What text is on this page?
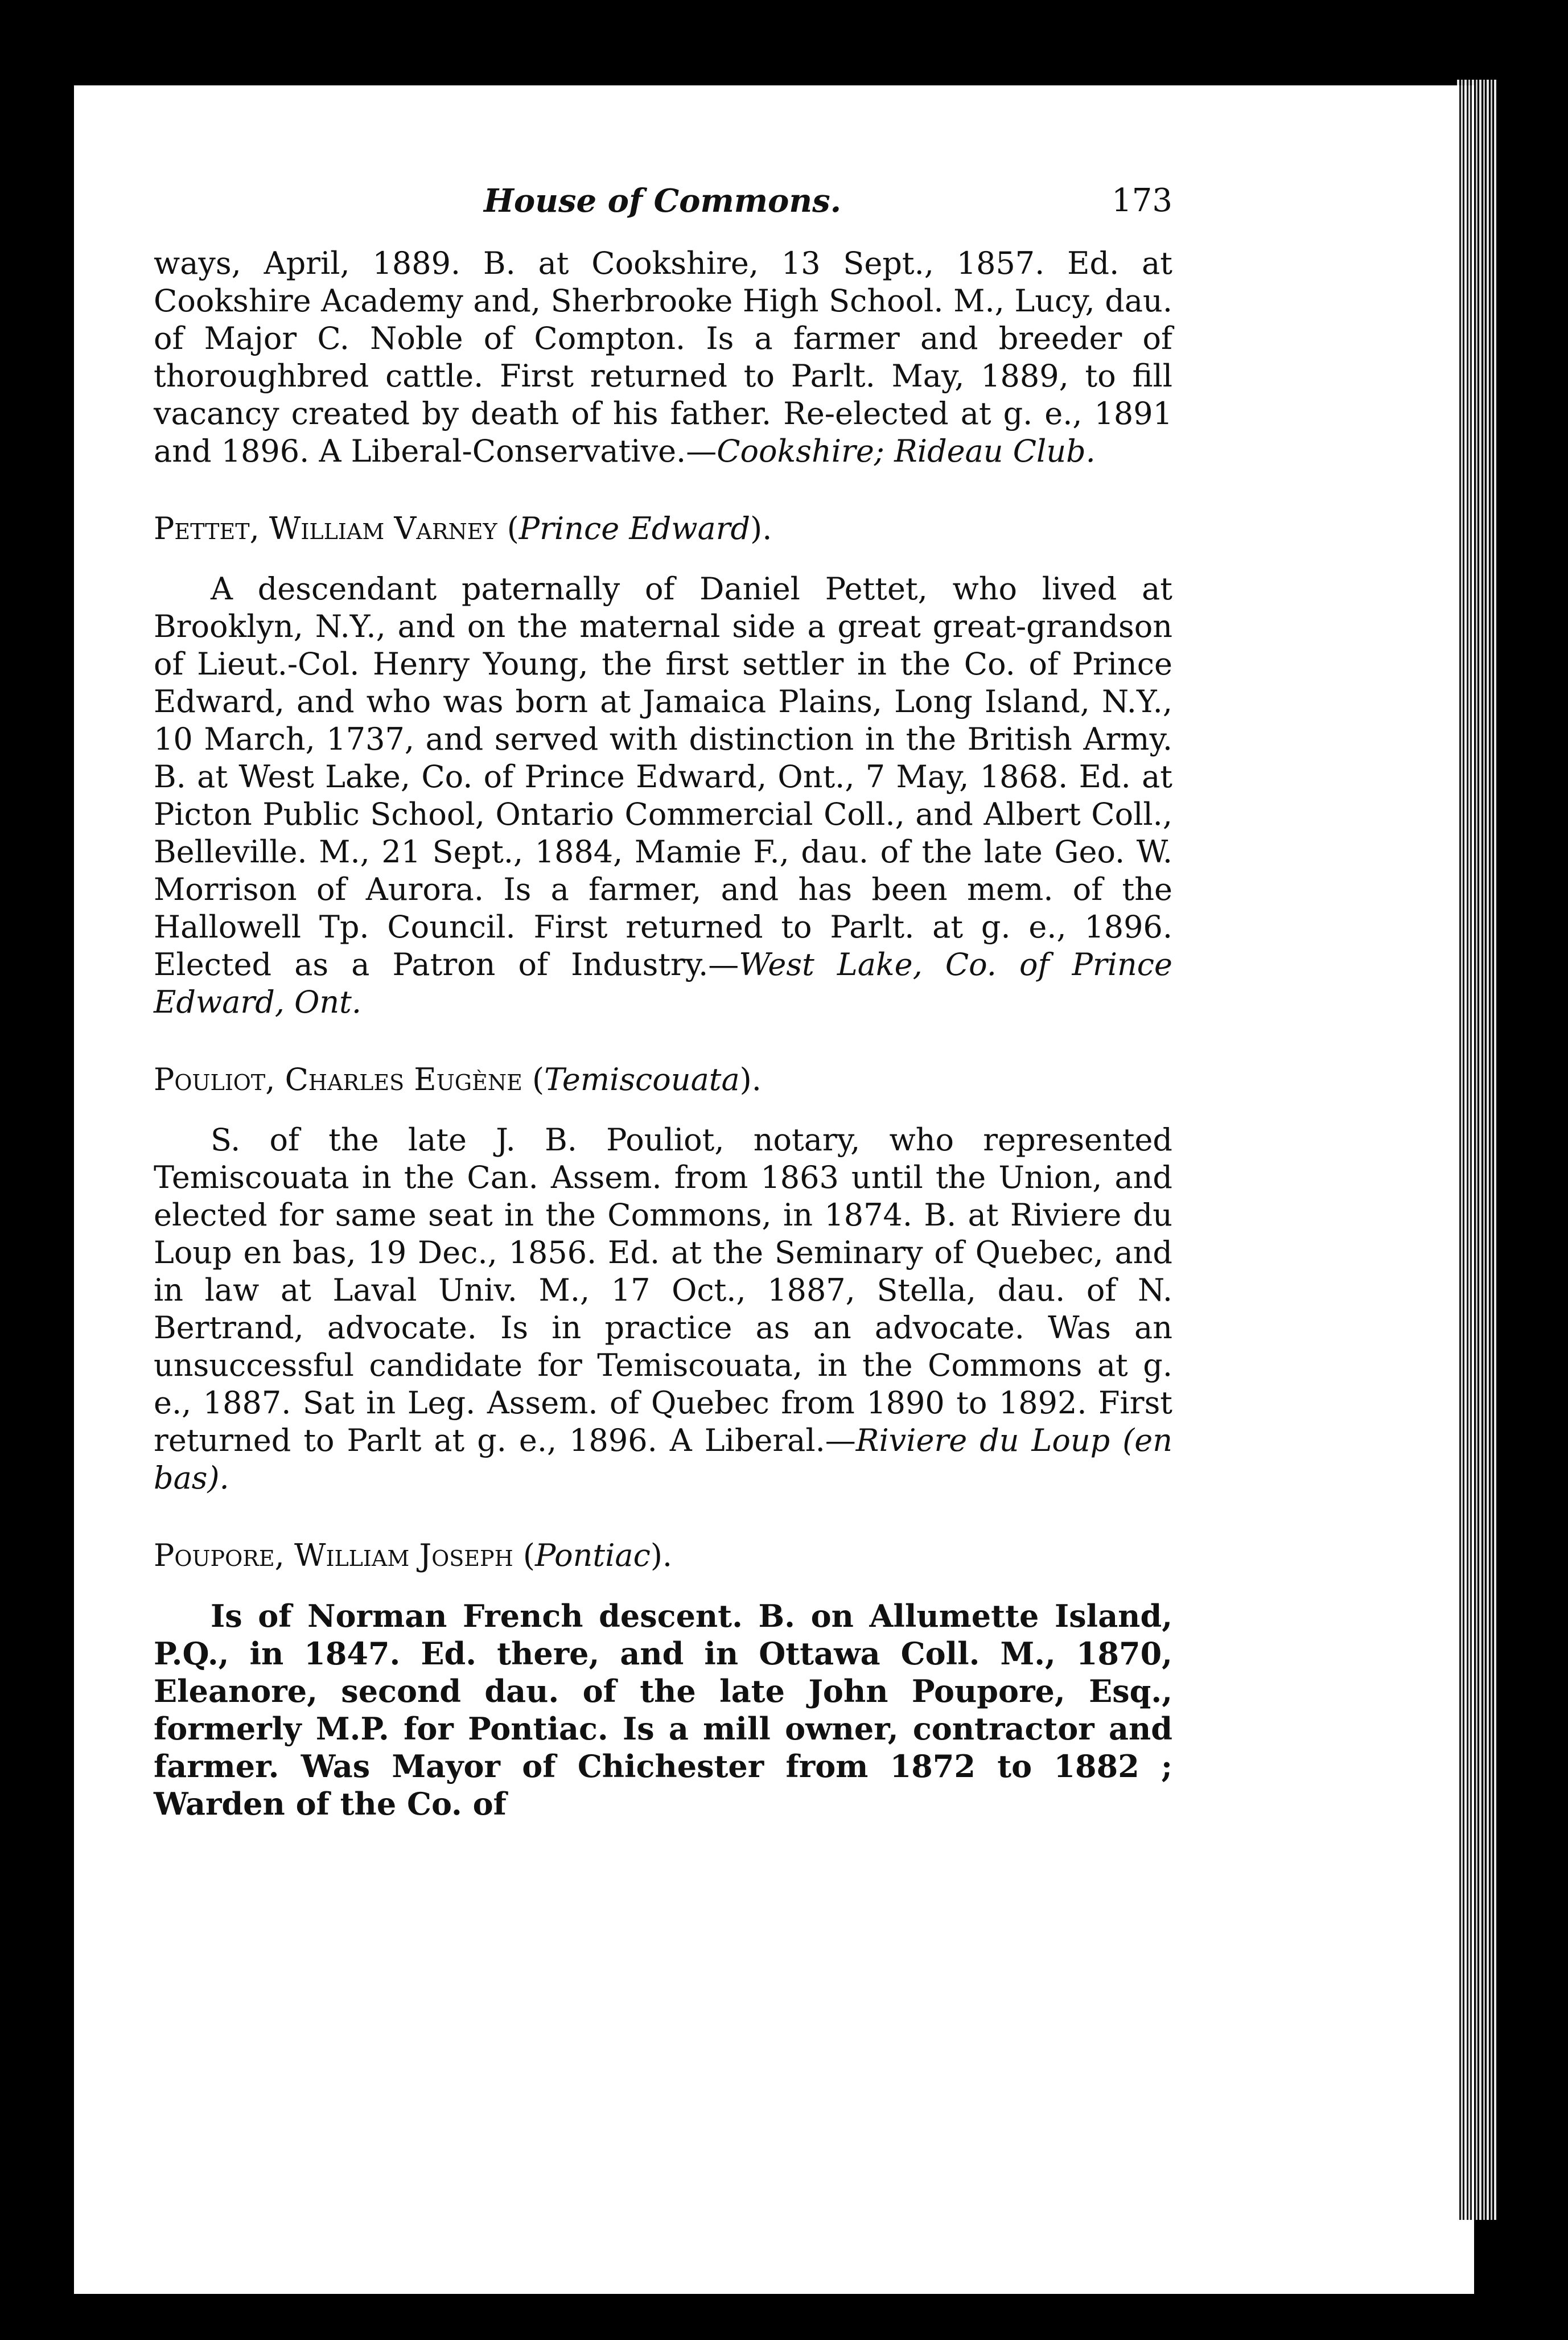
House of Commons.	173

ways, April, 1889. B. at Cookshire, 13 Sept., 1857. Ed. at Cookshire Academy and, Sherbrooke High School. M., Lucy, dau. of Major C. Noble of Compton. Is a farmer and breeder of thoroughbred cattle. First returned to Parlt. May, 1889, to fill vacancy created by death of his father. Re-elected at g. e., 1891 and 1896. A Liberal-Conservative.—Cookshire; Rideau Club.

Pettet, William Varney (Prince Edward).

A descendant paternally of Daniel Pettet, who lived at Brooklyn, N.Y., and on the maternal side a great great-grandson of Lieut.-Col. Henry Young, the first settler in the Co. of Prince Edward, and who was born at Jamaica Plains, Long Island, N.Y., 10 March, 1737, and served with distinction in the British Army. B. at West Lake, Co. of Prince Edward, Ont., 7 May, 1868. Ed. at Picton Public School, Ontario Commercial Coll., and Albert Coll., Belleville. M., 21 Sept., 1884, Mamie F., dau. of the late Geo. W. Morrison of Aurora. Is a farmer, and has been mem. of the Hallowell Tp. Council. First returned to Parlt. at g. e., 1896. Elected as a Patron of Industry.—West Lake, Co. of Prince Edward, Ont.

Pouliot, Charles Eugène (Temiscouata).

S. of the late J. B. Pouliot, notary, who represented Temiscouata in the Can. Assem. from 1863 until the Union, and elected for same seat in the Commons, in 1874. B. at Riviere du Loup en bas, 19 Dec., 1856. Ed. at the Seminary of Quebec, and in law at Laval Univ. M., 17 Oct., 1887, Stella, dau. of N. Bertrand, advocate. Is in practice as an advocate. Was an unsuccessful candidate for Temiscouata, in the Commons at g. e., 1887. Sat in Leg. Assem. of Quebec from 1890 to 1892. First returned to Parlt at g. e., 1896. A Liberal.—Riviere du Loup (en bas).

Poupore, William Joseph (Pontiac).

Is of Norman French descent. B. on Allumette Island, P.Q., in 1847. Ed. there, and in Ottawa Coll. M., 1870, Eleanore, second dau. of the late John Poupore, Esq., formerly M.P. for Pontiac. Is a mill owner, contractor and farmer. Was Mayor of Chichester from 1872 to 1882 ; Warden of the Co. of
